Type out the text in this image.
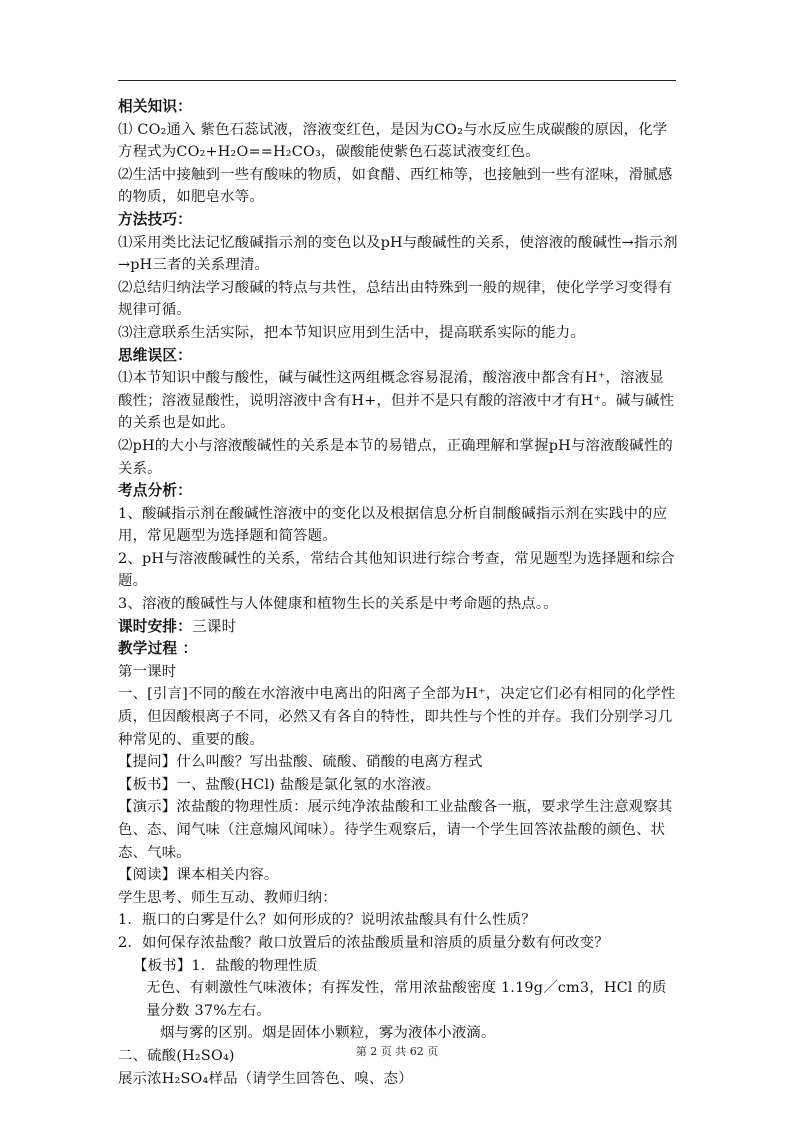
相关知识：

⑴ CO₂通入 紫色石蕊试液，溶液变红色，是因为CO₂与水反应生成碳酸的原因，化学方程式为CO₂+H₂O==H₂CO₃，碳酸能使紫色石蕊试液变红色。

⑵生活中接触到一些有酸味的物质，如食醋、西红柿等，也接触到一些有涩味，滑腻感的物质，如肥皂水等。

方法技巧：

⑴采用类比法记忆酸碱指示剂的变色以及pH与酸碱性的关系，使溶液的酸碱性→指示剂→pH三者的关系理清。

⑵总结归纳法学习酸碱的特点与共性，总结出由特殊到一般的规律，使化学学习变得有规律可循。

⑶注意联系生活实际，把本节知识应用到生活中，提高联系实际的能力。

思维误区：

⑴本节知识中酸与酸性，碱与碱性这两组概念容易混淆，酸溶液中都含有H⁺，溶液显酸性；溶液显酸性，说明溶液中含有H+，但并不是只有酸的溶液中才有H⁺。碱与碱性的关系也是如此。

⑵pH的大小与溶液酸碱性的关系是本节的易错点，正确理解和掌握pH与溶液酸碱性的关系。

考点分析：

1、酸碱指示剂在酸碱性溶液中的变化以及根据信息分析自制酸碱指示剂在实践中的应用，常见题型为选择题和简答题。

2、pH与溶液酸碱性的关系，常结合其他知识进行综合考查，常见题型为选择题和综合题。

3、溶液的酸碱性与人体健康和植物生长的关系是中考命题的热点。。

课时安排：三课时

教学过程 ：

第一课时

一、[引言]不同的酸在水溶液中电离出的阳离子全部为H⁺，决定它们必有相同的化学性质，但因酸根离子不同，必然又有各自的特性，即共性与个性的并存。我们分别学习几种常见的、重要的酸。

【提问】什么叫酸？写出盐酸、硫酸、硝酸的电离方程式

【板书】一、盐酸(HCl) 盐酸是氯化氢的水溶液。

【演示】浓盐酸的物理性质：展示纯净浓盐酸和工业盐酸各一瓶，要求学生注意观察其色、态、闻气味（注意煽风闻味）。待学生观察后，请一个学生回答浓盐酸的颜色、状态、气味。

【阅读】课本相关内容。

学生思考、师生互动、教师归纳：

1．瓶口的白雾是什么？如何形成的？说明浓盐酸具有什么性质？

2．如何保存浓盐酸？敞口放置后的浓盐酸质量和溶质的质量分数有何改变？

【板书】1．盐酸的物理性质

无色、有刺激性气味液体；有挥发性，常用浓盐酸密度 1.19g／cm3，HCl 的质量分数 37%左右。

烟与雾的区别。烟是固体小颗粒，雾为液体小液滴。

二、硫酸(H₂SO₄)

展示浓H₂SO₄样品（请学生回答色、嗅、态）

第 2 页 共 62 页
